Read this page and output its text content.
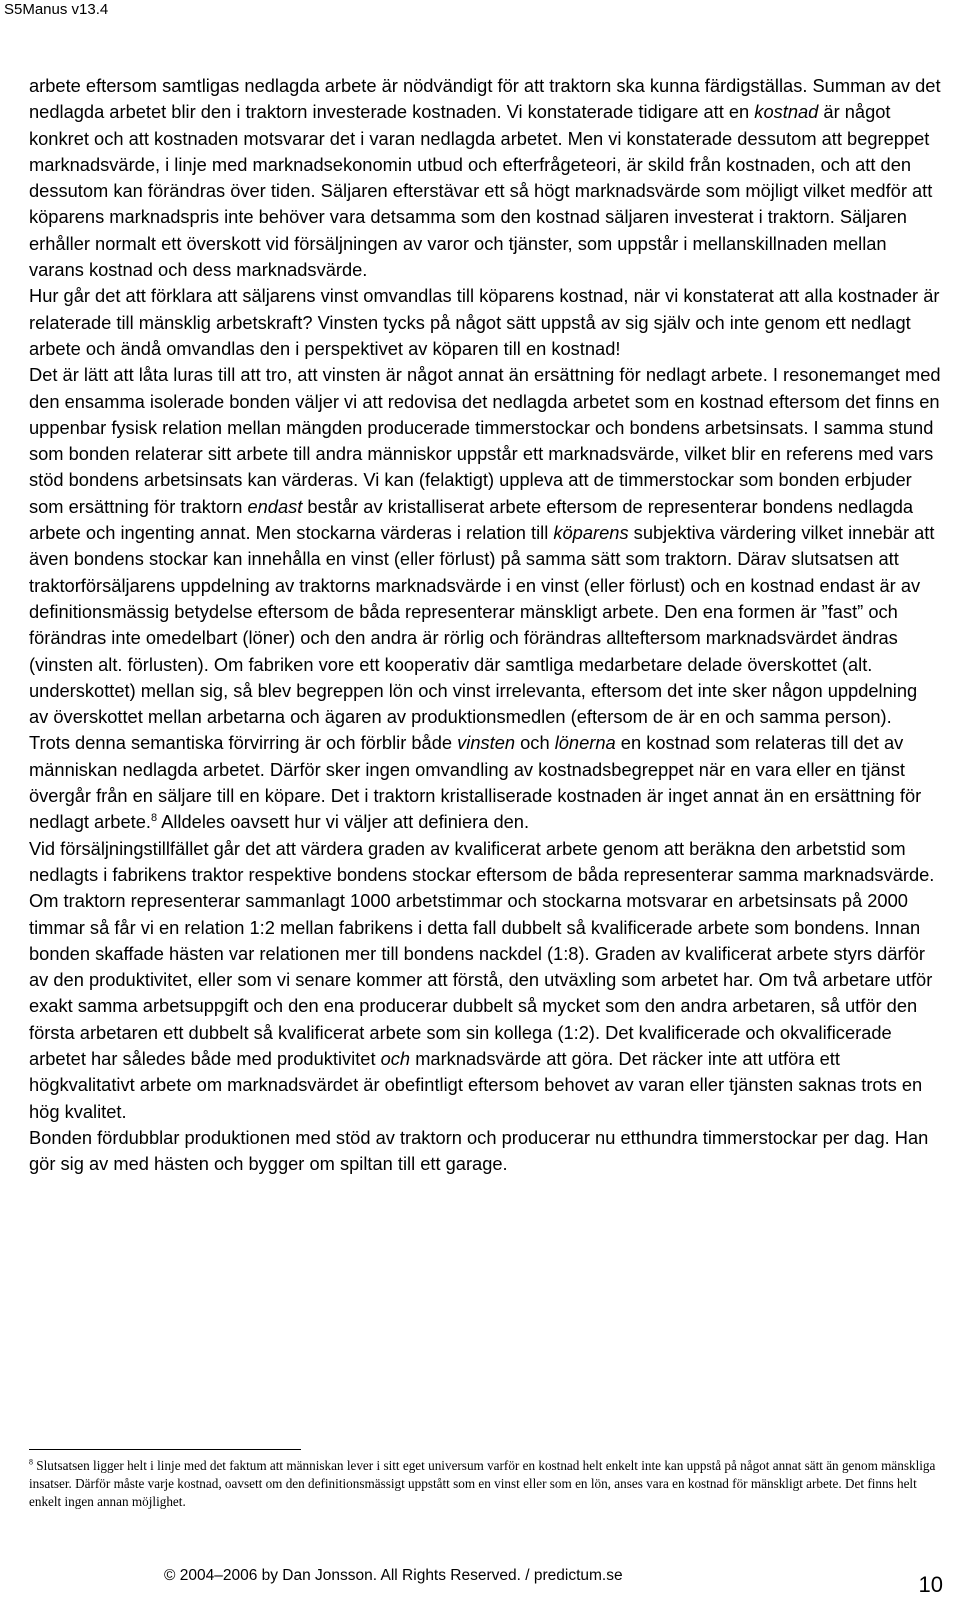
S5Manus v13.4

arbete eftersom samtligas nedlagda arbete är nödvändigt för att traktorn ska kunna färdigställas. Summan av det nedlagda arbetet blir den i traktorn investerade kostnaden. Vi konstaterade tidigare att en kostnad är något konkret och att kostnaden motsvarar det i varan nedlagda arbetet. Men vi konstaterade dessutom att begreppet marknadsvärde, i linje med marknadsekonomin utbud och efterfrågeteori, är skild från kostnaden, och att den dessutom kan förändras över tiden. Säljaren efterstävar ett så högt marknadsvärde som möjligt vilket medför att köparens marknadspris inte behöver vara detsamma som den kostnad säljaren investerat i traktorn. Säljaren erhåller normalt ett överskott vid försäljningen av varor och tjänster, som uppstår i mellanskillnaden mellan varans kostnad och dess marknadsvärde.

Hur går det att förklara att säljarens vinst omvandlas till köparens kostnad, när vi konstaterat att alla kostnader är relaterade till mänsklig arbetskraft? Vinsten tycks på något sätt uppstå av sig själv och inte genom ett nedlagt arbete och ändå omvandlas den i perspektivet av köparen till en kostnad!

Det är lätt att låta luras till att tro, att vinsten är något annat än ersättning för nedlagt arbete. I resonemanget med den ensamma isolerade bonden väljer vi att redovisa det nedlagda arbetet som en kostnad eftersom det finns en uppenbar fysisk relation mellan mängden producerade timmerstockar och bondens arbetsinsats. I samma stund som bonden relaterar sitt arbete till andra människor uppstår ett marknadsvärde, vilket blir en referens med vars stöd bondens arbetsinsats kan värderas. Vi kan (felaktigt) uppleva att de timmerstockar som bonden erbjuder som ersättning för traktorn endast består av kristalliserat arbete eftersom de representerar bondens nedlagda arbete och ingenting annat. Men stockarna värderas i relation till köparens subjektiva värdering vilket innebär att även bondens stockar kan innehålla en vinst (eller förlust) på samma sätt som traktorn. Därav slutsatsen att traktorförsäljarens uppdelning av traktorns marknadsvärde i en vinst (eller förlust) och en kostnad endast är av definitionsmässig betydelse eftersom de båda representerar mänskligt arbete. Den ena formen är ”fast” och förändras inte omedelbart (löner) och den andra är rörlig och förändras allteftersom marknadsvärdet ändras (vinsten alt. förlusten). Om fabriken vore ett kooperativ där samtliga medarbetare delade överskottet (alt. underskottet) mellan sig, så blev begreppen lön och vinst irrelevanta, eftersom det inte sker någon uppdelning av överskottet mellan arbetarna och ägaren av produktionsmedlen (eftersom de är en och samma person).

Trots denna semantiska förvirring är och förblir både vinsten och lönerna en kostnad som relateras till det av människan nedlagda arbetet. Därför sker ingen omvandling av kostnadsbegreppet när en vara eller en tjänst övergår från en säljare till en köpare. Det i traktorn kristalliserade kostnaden är inget annat än en ersättning för nedlagt arbete.$^8$ Alldeles oavsett hur vi väljer att definiera den.

Vid försäljningstillfället går det att värdera graden av kvalificerat arbete genom att beräkna den arbetstid som nedlagts i fabrikens traktor respektive bondens stockar eftersom de båda representerar samma marknadsvärde. Om traktorn representerar sammanlagt 1000 arbetstimmar och stockarna motsvarar en arbetsinsats på 2000 timmar så får vi en relation 1:2 mellan fabrikens i detta fall dubbelt så kvalificerade arbete som bondens. Innan bonden skaffade hästen var relationen mer till bondens nackdel (1:8). Graden av kvalificerat arbete styrs därför av den produktivitet, eller som vi senare kommer att förstå, den utväxling som arbetet har. Om två arbetare utför exakt samma arbetsuppgift och den ena producerar dubbelt så mycket som den andra arbetaren, så utför den första arbetaren ett dubbelt så kvalificerat arbete som sin kollega (1:2). Det kvalificerade och okvalificerade arbetet har således både med produktivitet och marknadsvärde att göra. Det räcker inte att utföra ett högkvalitativt arbete om marknadsvärdet är obefintligt eftersom behovet av varan eller tjänsten saknas trots en hög kvalitet.

Bonden fördubblar produktionen med stöd av traktorn och producerar nu etthundra timmerstockar per dag. Han gör sig av med hästen och bygger om spiltan till ett garage.

$^8$ Slutsatsen ligger helt i linje med det faktum att människan lever i sitt eget universum varför en kostnad helt enkelt inte kan uppstå på något annat sätt än genom mänskliga insatser. Därför måste varje kostnad, oavsett om den definitionsmässigt uppstått som en vinst eller som en lön, anses vara en kostnad för mänskligt arbete. Det finns helt enkelt ingen annan möjlighet.
© 2004–2006 by Dan Jonsson. All Rights Reserved. / predictum.se	10
